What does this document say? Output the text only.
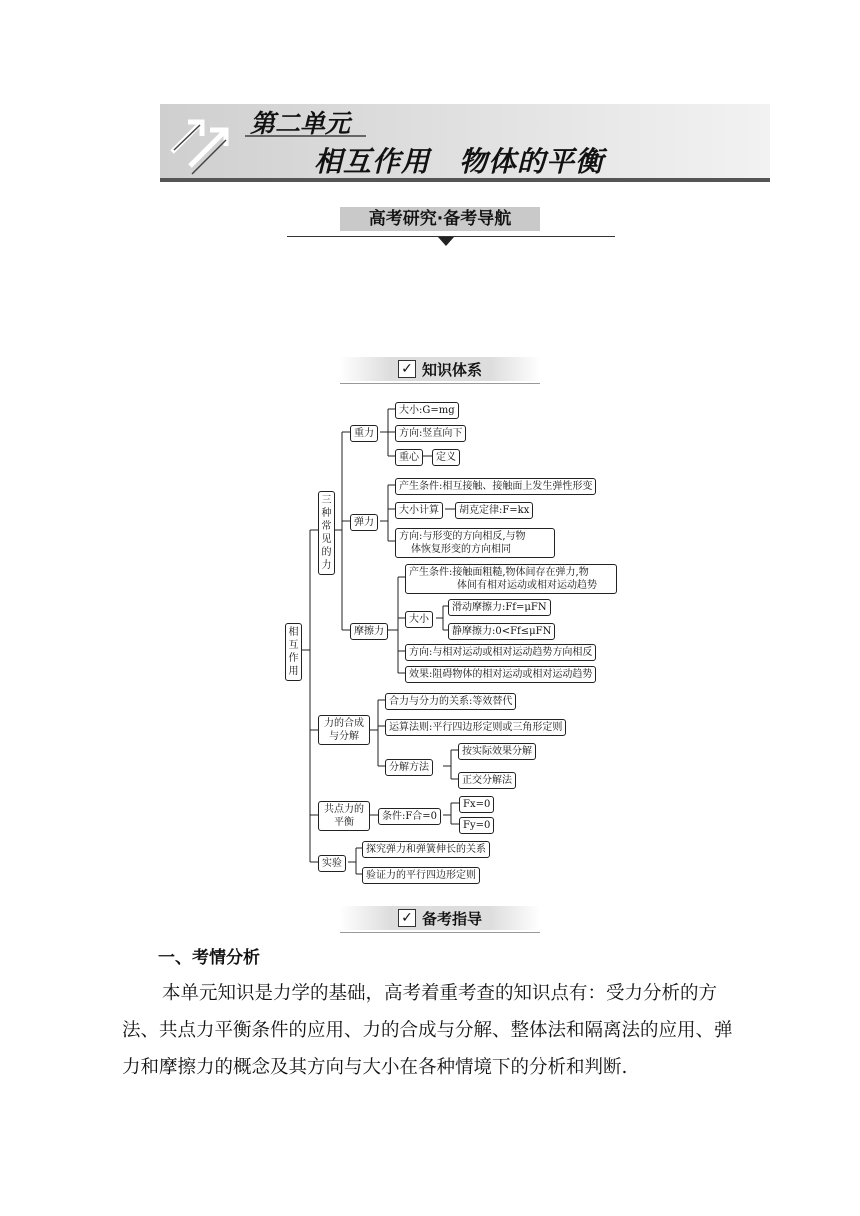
第二单元
相互作用　物体的平衡
高考研究·备考导航
✓ 知识体系
相互作用
三种常见的力
重力
大小:G=mg
方向:竖直向下
重心	定义
弹力
产生条件:相互接触、接触面上发生弹性形变
大小计算	胡克定律:F=kx
方向:与形变的方向相反,与物
体恢复形变的方向相同
摩擦力
产生条件:接触面粗糙,物体间存在弹力,物
体间有相对运动或相对运动趋势
大小
滑动摩擦力:Ff=μFN
静摩擦力:0<Ff≤μFN
方向:与相对运动或相对运动趋势方向相反
效果:阻碍物体的相对运动或相对运动趋势
力的合成与分解
合力与分力的关系:等效替代
运算法则:平行四边形定则或三角形定则
分解方法
按实际效果分解
正交分解法
共点力的平衡
条件:F合=0
Fx=0
Fy=0
实验
探究弹力和弹簧伸长的关系
验证力的平行四边形定则
✓ 备考指导
一、考情分析
本单元知识是力学的基础，高考着重考查的知识点有：受力分析的方法、共点力平衡条件的应用、力的合成与分解、整体法和隔离法的应用、弹力和摩擦力的概念及其方向与大小在各种情境下的分析和判断.
